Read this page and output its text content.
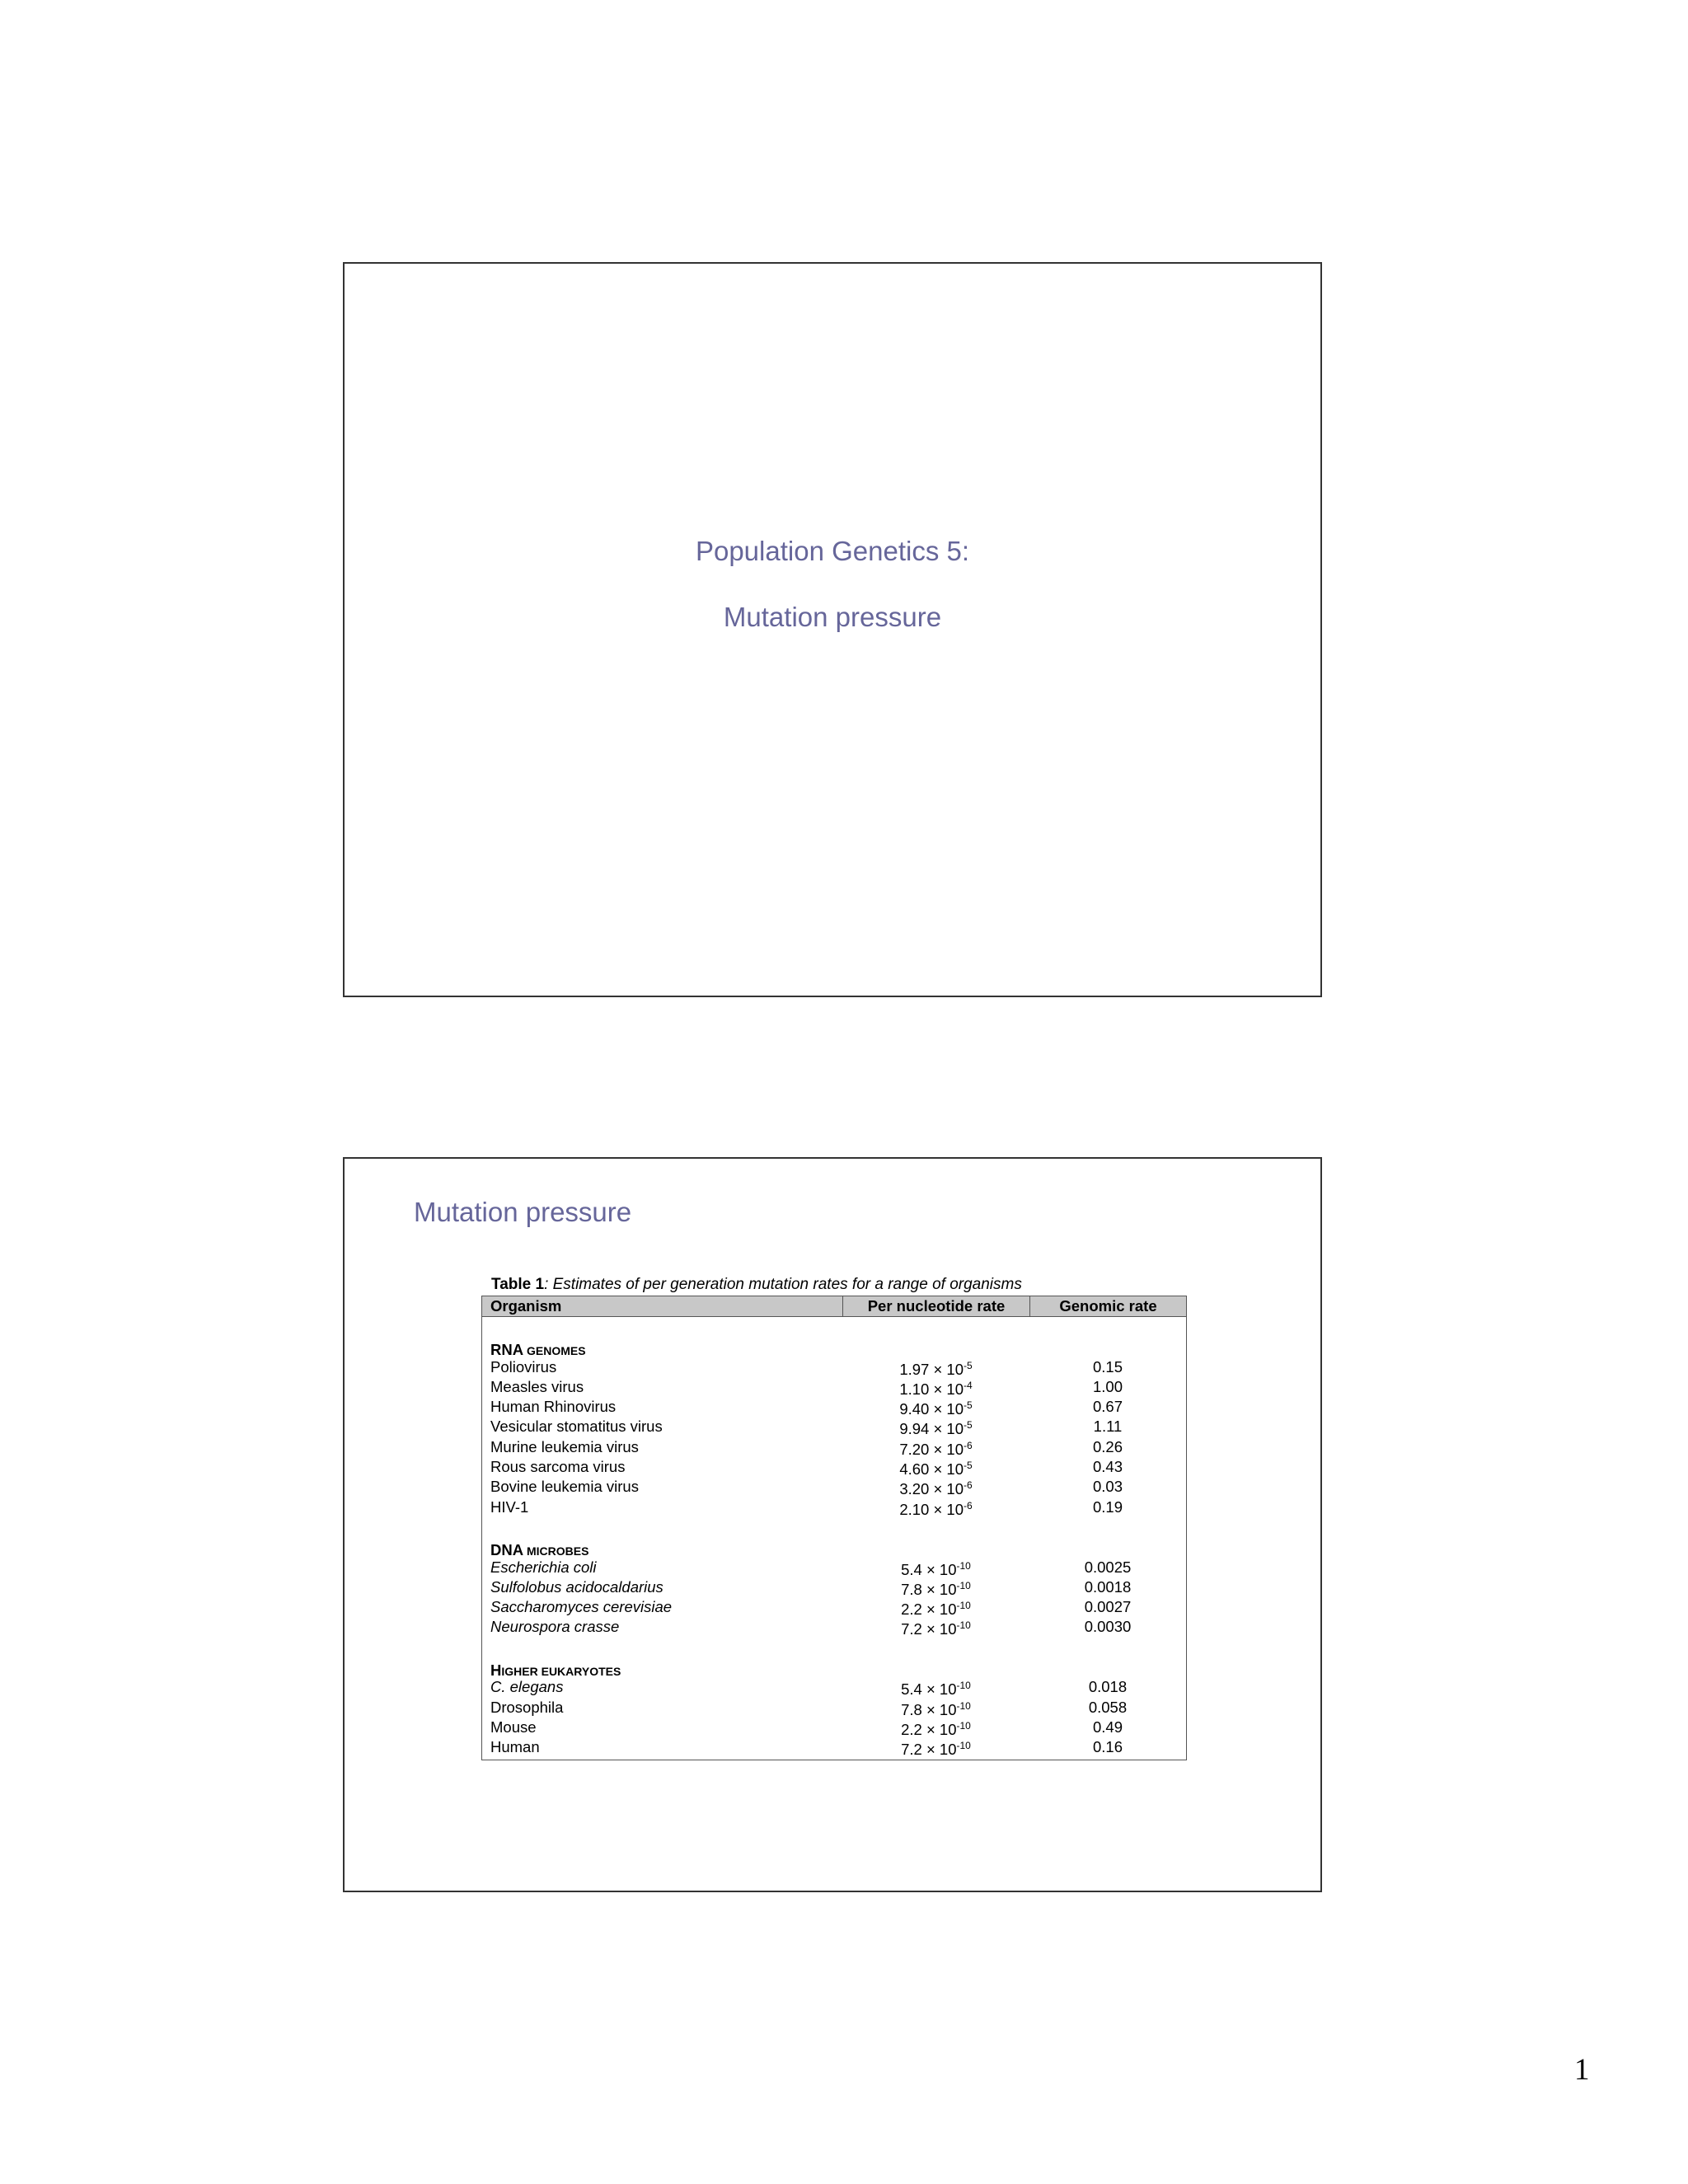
Population Genetics 5:
Mutation pressure
Mutation pressure
Table 1: Estimates of per generation mutation rates for a range of organisms
Organism	Per nucleotide rate	Genomic rate
RNA GENOMES
Poliovirus	$1.97 \times 10^{-5}$	0.15
Measles virus	$1.10 \times 10^{-4}$	1.00
Human Rhinovirus	$9.40 \times 10^{-5}$	0.67
Vesicular stomatitus virus	$9.94 \times 10^{-5}$	1.11
Murine leukemia virus	$7.20 \times 10^{-6}$	0.26
Rous sarcoma virus	$4.60 \times 10^{-5}$	0.43
Bovine leukemia virus	$3.20 \times 10^{-6}$	0.03
HIV-1	$2.10 \times 10^{-6}$	0.19
DNA MICROBES
Escherichia coli	$5.4 \times 10^{-10}$	0.0025
Sulfolobus acidocaldarius	$7.8 \times 10^{-10}$	0.0018
Saccharomyces cerevisiae	$2.2 \times 10^{-10}$	0.0027
Neurospora crasse	$7.2 \times 10^{-10}$	0.0030
HIGHER EUKARYOTES
C. elegans	$5.4 \times 10^{-10}$	0.018
Drosophila	$7.8 \times 10^{-10}$	0.058
Mouse	$2.2 \times 10^{-10}$	0.49
Human	$7.2 \times 10^{-10}$	0.16
1
